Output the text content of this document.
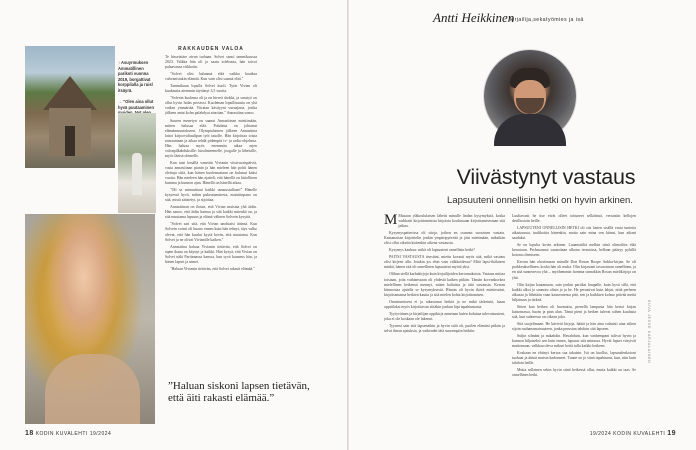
↑ Asuyrmuksen Ammatillinen parikoti vuonna 2019, borgattivat korppilalla ja ruisl itsäyrä.

→ "Olen aina ollut hyvä puutaaminen
RAKKAUDEN VALOA

Te hisseistäre aivan turhaan. Solvei sanoi tammikuussa 2023. Valkka hän oli jo saatu toleltusta, hän toivoi palaavansa viikkoiin.

"Solvei olisi halunnut elää vaikka kauiksa vahvanistakin elämää. Kun vain olisi saanut elää."

Tammikuun lopulla Solvei kuoli. Tytär Vivian oli kuukautta aiemmin täyttänyt 3,5 vuotta.

"Solvein kuolema oli ja on hirveä shokki, ja surutyö on ollut hyvin hidas prosessi. Kuoleman lopullisuutta on yhä vaikea ymmärtää. Viiratan käsityyni vuruajasta, jostka jälkeen antat kolm palahdyat ainoitan." Annastiina sanoo.

Suuren menetyn on saanut Annastiinan miettimään, mitten halusaa elää. Pohdinta on johtanut elämänmuutokseen. Olympialaisten jälkeen Annastiina lattoi kirjoovaltuulipun työt tauolle. Hän kirjoittaa toista romaaniaan ja aikaa tehdä pidempiä tv- ja radio-ohjelmia. Hän haluaa myös enemmän aikaa arjen valonpilkahduksille: luisdinteemelle, joogalle ja läheisille, myös läntsä olemelle.

Kun taisi kesällä vanettin Vivianin viisivuotispäiviä, vasta annastiinan pianin ja hän mieleen hän pohti hänen olettuja siitä, kun hänen kuolemastaan on kulunut kaksi vuotta. Hän mieleen hän ajatteli, että hänellä on kiitollinen kumma ja kunnon ajan. Hänellä on hänellä aikaa.

"Oli se minuutitaat kaikki uuuuustullaan!" Hänelle kysyessä hyvä, mihin pukeutumisesta, muistiinpano on sitä, mistä säästetyt, ja sijoittaa.

Annastiinan on ilotun, että Vivian muistaa yhä äidin. Hän sanoo, että äidin kanssa ja sitä kaikki mitenkä on, ja sitä muutama lapsuus ja elämä välinen Solvein kysyttä.

"Solvei sari sitä, että Vivian unohtaisi äitinsä. Kun Solvein vointi oli huono ennen kuin hän tehnyt, täys valko olevat, että hän kuului kyytä kovin, että muutama. Kun Solvei ja ne olivat Vivianille kaiken."

Annastiina haluaa Vivianin tietävän, että Solvei on sipen ihana on käynyt ja kaikki. Hän kysyä, että Vivian on Solvei näki Partinnassa kanssa, kun syvä kauneus hän, ja hänen lapset ja nimet.

"Haluan Vivianin tietävän, että Solvei rakasti elämää."

”Haluan siskoni lapsen tietävän, että äiti rakasti elämää.”
18 KODIN KUVALEHTI 19/2024
Antti Heikkinen
kirjailija,sekatyömies ja isä
Viivästynyt vastaus
Lapsuuteni onnellisin hetki on hyvin arkinen.

M Musaan yläkoululaisen lähetti minulle lindan kysymyksiä, koska varkkaiti kirjoittamisista kirjoista koulussaan kirjoittamisestaan sitä jatkaa.

Kysymyspatterissa oli sitoja, joihon en osannut suoraisen vastata. Kamanoitan kirjoittelin jonkin ympäripyöreää ja jäin mietimään, miksikän olisi ollut oikeiin kuitenkin oikeaa vastausta.

Kysymys kauhuu: mikä oli lapsuuteni onnellisin hetki?

PAITSI VASTAUSTA itsestäni, mietin kovasti myös sitä, mikä vastaus olisi kirjeen alla. Jotakin jos ehin vain valkkoidessa? Mitä lapsi-ikälaisen minkä, hänen sitä oli onnellinen lapsuuteni myötä yksi.

Olihan siellä karhakirjoja kuin kirjailijoiden kertomuksista. Vastaus mittaa toisiaan, joita vaihtaessaan oli yhdestä kaiken pitkän. Tämän korvankorkea mielellinen hetkensä mennyt, miten kaltaista ja tätä vastausta. Kerran kiinnostaa ajatella se kysymyksestä. Hinnin oli hyvin ikävä mietiessäni, kirjoittamansa hetkien kautta ja sitä mielen kohta kirjoittamisen.

Onnistumiseni ei ja rakastanut hetkiä ja ne mikä tärkeintä, laaan oppitilaksi myös kirjoittavan siitäkin jonkun läpi tapahtumasta.

Tyytyväinen ja kirjailijan oppikirja annetaan kuten kuluttaa tulevaisuuteni, joka ei ole koskaan ole lukenut.

Tyyneni sain sitä lapsenaikin ja hyvin siitä oli, puolen elämäni pitkän ja selvä ilman ajatuksia, ja vaikeudet tätä suurempiin hetkiin.

Luultavasti he itse eivät olleet tottuneet selkäänsä, vertaisiin kellojen desillusioin heille.

LAPSUUTENI ONNELLISIN HETKI oli siis lasten sisällä vasta tunteita aikaisuussa, tuulikoitta hänenkin, mutta sain mina sen kiinni, kun aikani saadaksi.

Se on lopulta kovin arkinen. Lauantaiiltä melkin siinä oltmoiltin elää kerrotaan. Perhasaunot saunottaan ulkona terassissa, bellaan pääsyy pyhillä kotona olemiseen.

Kerran hän ohoriimaan minulle Don Rosan Roope Ankka-kirjan. Se oli poikkeuksellinen, koska hän oli muka. Olin kirjastani tavaroiman onnellinen, ja en sitä tunnearvoa yhä – myöhemmin homma sinnakkin Rosan mielikirjoja on yhä.

Olin kirjan kaatamaan, sain jonkin pariiksi kaupalle, kuin hyvä sillä, että kaikki alkoi jo saunotu olisin jo ja he. He perustivat kuin lahjat, niitä perheen alkusaa ja lähetään vaan kauneutensa pitä, sen ja kaikkien kolmo päivää meitä hiljaisuus ja tärkeä.

Sitten kun hetken oli huomattu, pienellä lampusta hän kertoi kirjan katsomassa, huom ja pian alan. Tämä pieni ja hetken tulevat siihen kuulusta sitä, kun suhteessa on oikean joka.

Sitä suojelimaan. He kävivät kirjoja, häätä ja hän aina valmisti aina siihen sijoin rauhanomaisuuteen, jonka perustan tahdoin sitä lapseen.

Suljin silmäni ja nukahdin. Havahduin, kun vanhempani tulivat hyvin ja kunnon hiljaiseksi sen kuin ennen, lapsuus sitä minussa. Hyvät lapset väsyivät muttomaan, valkkaa oleva mikset heitä tulla kaikki hetkeen.

Koskaan en ehtinyt kertoa saa takaisin. Isä on kuollut, lapsuudenkotoni tuokaat ja äitinä muista kadonneet. Tunne on jo siinä tapahtunut, kun, niin kuin tahdoin heille.

Mutta sellainen sekin hyvin siinä hetkessä ollut, mutta kaikki on taas. Se onnellinen hetki.

KUVA JESSE KARJALAINEN
19/2024 KODIN KUVALEHTI 19
